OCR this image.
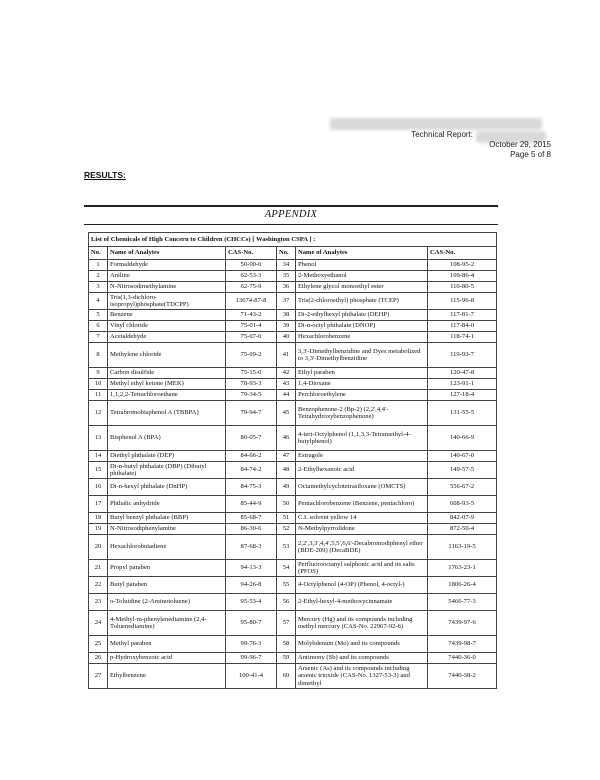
Technical Report:
October 29, 2015
Page 5 of 8
RESULTS:
APPENDIX
List of Chemicals of High Concern to Children (CHCCs) [ Washington CSPA ] :					
No.	Name of Analytes	CAS-No.	No.	Name of Analytes	CAS-No.
1	Formaldehyde	50-00-0	34	Phenol	108-95-2
2	Aniline	62-53-3	35	2-Methoxyethanol	109-86-4
3	N-Nitrosodimethylamine	62-75-9	36	Ethylene glycol monoethyl ester	110-80-5
4	Tris(1,3-dichloro-isopropyl)phosphate(TDCPP)	13674-87-8	37	Tris(2-chloroethyl) phosphate (TCEP)	115-96-8
5	Benzene	71-43-2	38	Di-2-ethylhexyl phthalate (DEHP)	117-81-7
6	Vinyl chloride	75-01-4	39	Di-n-octyl phthalate (DNOP)	117-84-0
7	Acetaldehyde	75-07-0	40	Hexachlorobenzene	118-74-1
8	Methylene chloride	75-09-2	41	3,3'-Dimethylbenzidine and Dyes metabolized to 3,3'-Dimethylbenzidine	119-93-7
9	Carbon disulfide	75-15-0	42	Ethyl paraben	120-47-8
10	Methyl ethyl ketone (MEK)	78-93-3	43	1,4-Dioxane	123-91-1
11	1,1,2,2-Tetrachloroethane	79-34-5	44	Perchloroethylene	127-18-4
12	Tetrabromobisphenol A (TBBPA)	79-94-7	45	Benzophenone-2 (Bp-2) (2,2',4,4'-Tetrahydroxybenzophenone)	131-55-5
13	Bisphenol A (BPA)	80-05-7	46	4-tert-Octylphenol (1,1,3,3-Tetramethyl-4-butylphenol)	140-66-9
14	Diethyl phthalate (DEP)	84-66-2	47	Estragole	140-67-0
15	Di-n-butyl phthalate (DBP) (Dibutyl phthalate)	84-74-2	48	2-Ethylhexanoic acid	149-57-5
16	Di-n-hexyl phthalate (DnHP)	84-75-3	49	Octamethylcyclotetrasiloxane (OMCTS)	556-67-2
17	Phthalic anhydride	85-44-9	50	Pentachlorobenzene (Benzene, pentachloro)	608-93-5
18	Butyl benzyl phthalate (BBP)	85-68-7	51	C.I. solvent yellow 14	842-07-9
19	N-Nitrosodiphenylamine	86-30-6	52	N-Methylpyrrolidone	872-50-4
20	Hexachlorobutadiene	87-68-3	53	2,2',3,3',4,4',5,5',6,6'-Decabromodiphenyl ether (BDE-209) (DecaBDE)	1163-19-5
21	Propyl paraben	94-13-3	54	Perfluorooctanyl sulphonic acid and its salts (PFOS)	1763-23-1
22	Butyl paraben	94-26-8	55	4-Octylphenol (4-OP) (Phenol, 4-octyl-)	1806-26-4
23	o-Toluidine (2-Aminotoluene)	95-53-4	56	2-Ethyl-hexyl-4-methoxycinnamate	5466-77-3
24	4-Methyl-m-phenylenediamine (2,4-Toluenediamine)	95-80-7	57	Mercury (Hg) and its compounds including methyl mercury (CAS-No. 22967-92-6)	7439-97-6
25	Methyl paraben	99-76-3	58	Molybdenum (Mo) and its compounds	7439-98-7
26	p-Hydroxybenzoic acid	99-96-7	59	Antimony (Sb) and its compounds	7440-36-0
27	Ethylbenzene	100-41-4	60	Arsenic (As) and its compounds including arsenic trioxide (CAS-No. 1327-53-3) and dimethyl	7440-38-2
